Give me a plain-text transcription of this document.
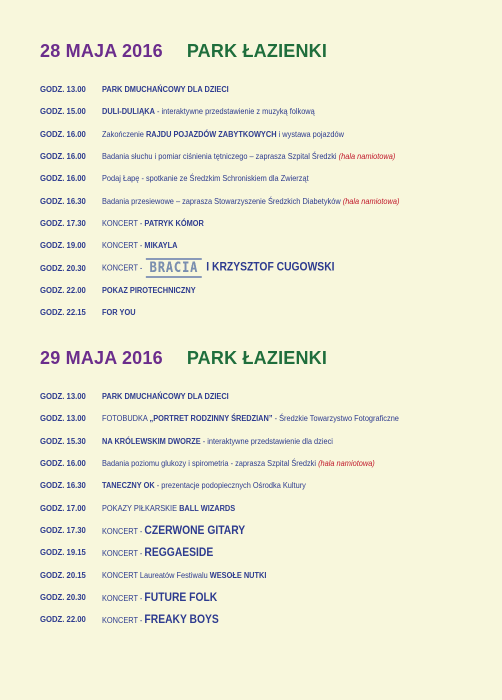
28 MAJA 2016 PARK ŁAZIENKI
GODZ. 13.00	PARK DMUCHAŃCOWY DLA DZIECI
GODZ. 15.00	DULI-DULIĄKA - interaktywne przedstawienie z muzyką folkową
GODZ. 16.00	Zakończenie RAJDU POJAZDÓW ZABYTKOWYCH i wystawa pojazdów
GODZ. 16.00	Badania słuchu i pomiar ciśnienia tętniczego – zaprasza Szpital Średzki (hala namiotowa)
GODZ. 16.00	Podaj Łapę - spotkanie ze Średzkim Schroniskiem dla Zwierząt
GODZ. 16.30	Badania przesiewowe – zaprasza Stowarzyszenie Średzkich Diabetyków (hala namiotowa)
GODZ. 17.30	KONCERT - PATRYK KÓMOR
GODZ. 19.00	KONCERT - MIKAYLA
GODZ. 20.30	KONCERT - BRACIA I KRZYSZTOF CUGOWSKI
GODZ. 22.00	POKAZ PIROTECHNICZNY
GODZ. 22.15	FOR YOU
29 MAJA 2016 PARK ŁAZIENKI
GODZ. 13.00	PARK DMUCHAŃCOWY DLA DZIECI
GODZ. 13.00	FOTOBUDKA „PORTRET RODZINNY ŚREDZIAN” - Średzkie Towarzystwo Fotograficzne
GODZ. 15.30	NA KRÓLEWSKIM DWORZE - interaktywne przedstawienie dla dzieci
GODZ. 16.00	Badania poziomu glukozy i spirometria - zaprasza Szpital Średzki (hala namiotowa)
GODZ. 16.30	TANECZNY OK - prezentacje podopiecznych Ośrodka Kultury
GODZ. 17.00	POKAZY PIŁKARSKIE BALL WIZARDS
GODZ. 17.30	KONCERT - CZERWONE GITARY
GODZ. 19.15	KONCERT - REGGAESIDE
GODZ. 20.15	KONCERT Laureatów Festiwalu WESOŁE NUTKI
GODZ. 20.30	KONCERT - FUTURE FOLK
GODZ. 22.00	KONCERT - FREAKY BOYS
